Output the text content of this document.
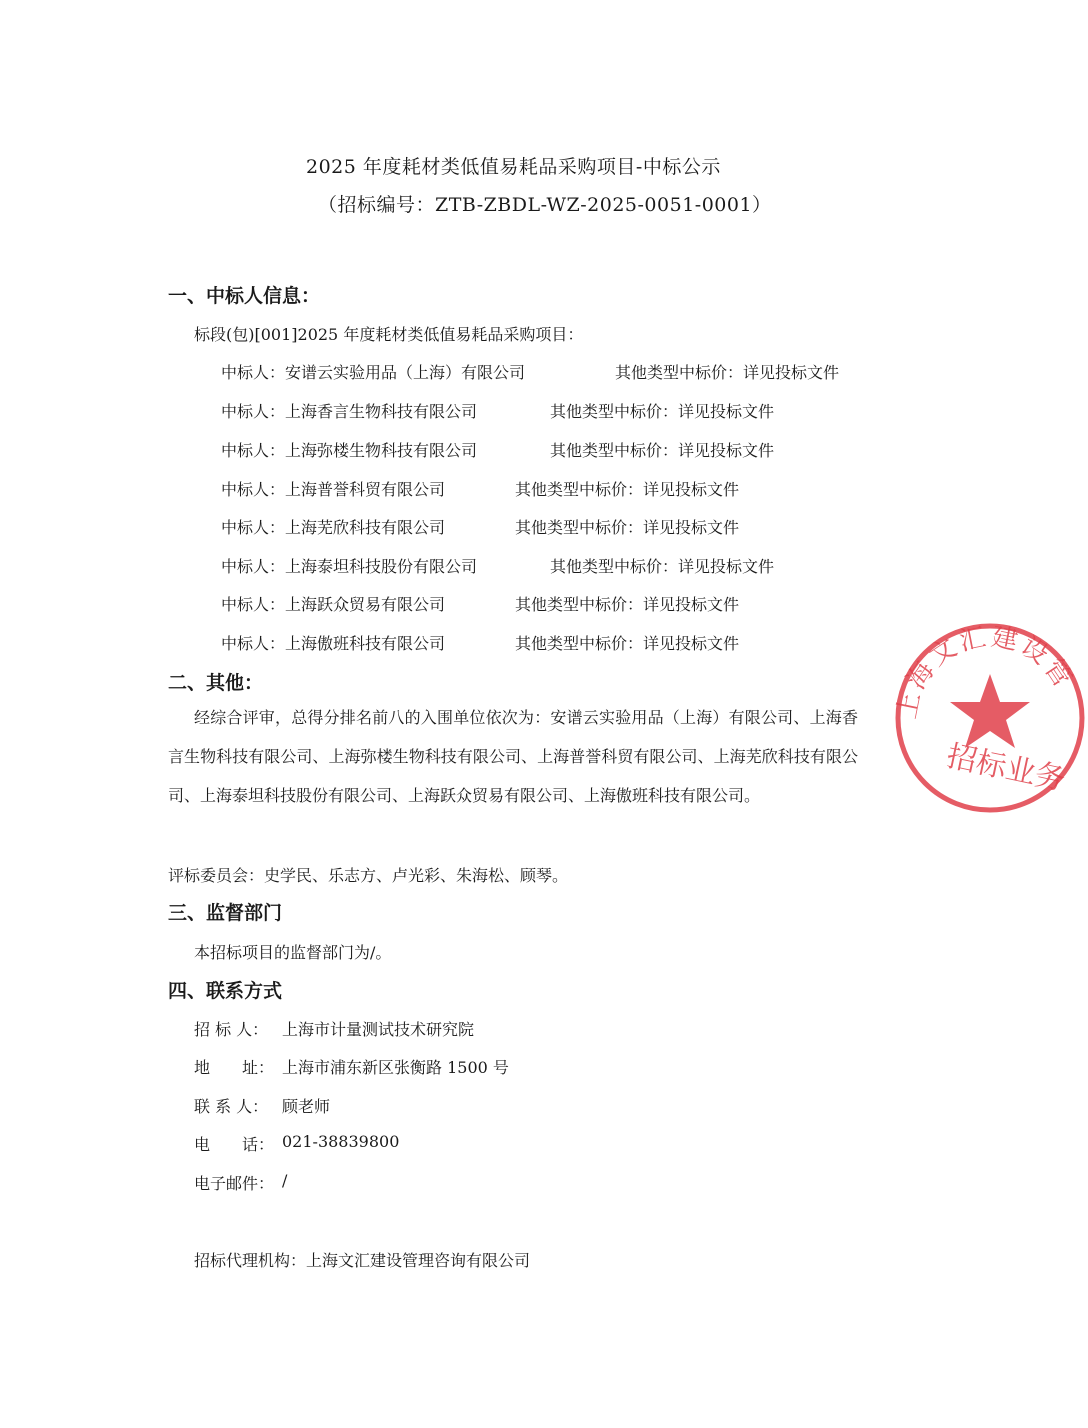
2025 年度耗材类低值易耗品采购项目-中标公示
（招标编号：ZTB-ZBDL-WZ-2025-0051-0001）
一、中标人信息：
标段(包)[001]2025 年度耗材类低值易耗品采购项目：
中标人：安谱云实验用品（上海）有限公司	其他类型中标价：详见投标文件
中标人：上海香言生物科技有限公司	其他类型中标价：详见投标文件
中标人：上海弥楼生物科技有限公司	其他类型中标价：详见投标文件
中标人：上海普誉科贸有限公司	其他类型中标价：详见投标文件
中标人：上海芜欣科技有限公司	其他类型中标价：详见投标文件
中标人：上海泰坦科技股份有限公司	其他类型中标价：详见投标文件
中标人：上海跃众贸易有限公司	其他类型中标价：详见投标文件
中标人：上海傲班科技有限公司	其他类型中标价：详见投标文件
二、其他：
经综合评审，总得分排名前八的入围单位依次为：安谱云实验用品（上海）有限公司、上海香言生物科技有限公司、上海弥楼生物科技有限公司、上海普誉科贸有限公司、上海芜欣科技有限公司、上海泰坦科技股份有限公司、上海跃众贸易有限公司、上海傲班科技有限公司。
评标委员会：史学民、乐志方、卢光彩、朱海松、顾琴。
三、监督部门
本招标项目的监督部门为/。
四、联系方式
招 标 人： 上海市计量测试技术研究院
地　　址： 上海市浦东新区张衡路 1500 号
联 系 人： 顾老师
电　　话： 021-38839800
电子邮件： /
招标代理机构：上海文汇建设管理咨询有限公司
上海文汇建设管
招标业务
